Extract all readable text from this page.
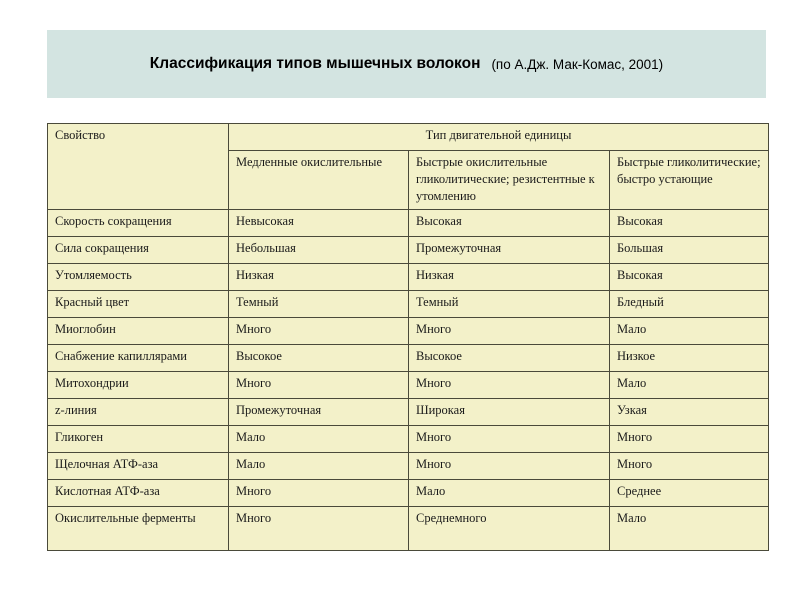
Классификация типов мышечных волокон (по А.Дж. Мак-Комас, 2001)
Свойство	Тип двигательной единицы		
	Медленные окислительные	Быстрые окислительные гликолитические; резистентные к утомлению	Быстрые гликолитические; быстро устающие
Скорость сокращения	Невысокая	Высокая	Высокая
Сила сокращения	Небольшая	Промежуточная	Большая
Утомляемость	Низкая	Низкая	Высокая
Красный цвет	Темный	Темный	Бледный
Миоглобин	Много	Много	Мало
Снабжение капиллярами	Высокое	Высокое	Низкое
Митохондрии	Много	Много	Мало
z-линия	Промежуточная	Широкая	Узкая
Гликоген	Мало	Много	Много
Щелочная АТФ-аза	Мало	Много	Много
Кислотная АТФ-аза	Много	Мало	Среднее
Окислительные ферменты	Много	Среднемного	Мало
